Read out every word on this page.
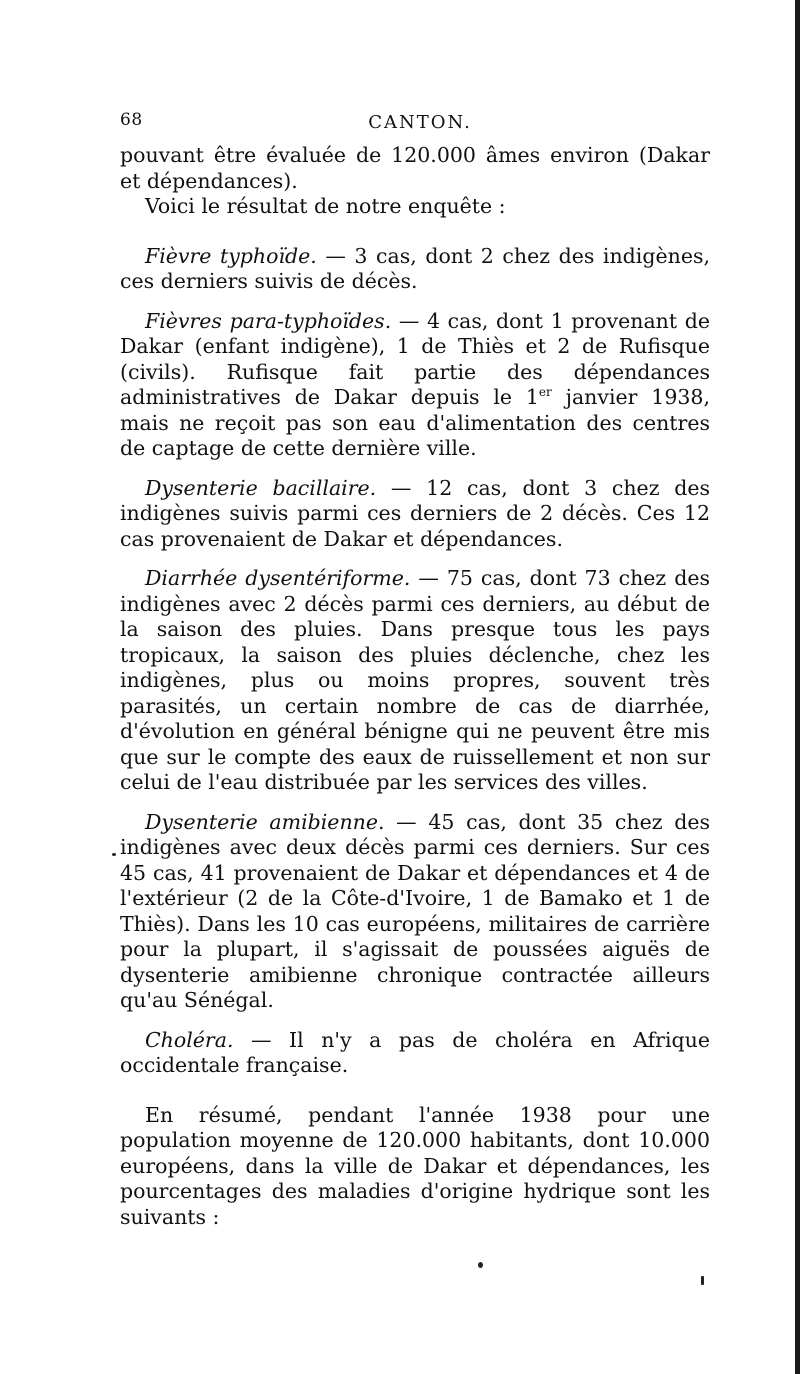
68	CANTON.

pouvant être évaluée de 120.000 âmes environ (Dakar et dépendances).

Voici le résultat de notre enquête :

Fièvre typhoïde. — 3 cas, dont 2 chez des indigènes, ces derniers suivis de décès.

Fièvres para-typhoïdes. — 4 cas, dont 1 provenant de Dakar (enfant indigène), 1 de Thiès et 2 de Rufisque (civils). Rufisque fait partie des dépendances administratives de Dakar depuis le 1er janvier 1938, mais ne reçoit pas son eau d'alimentation des centres de captage de cette dernière ville.

Dysenterie bacillaire. — 12 cas, dont 3 chez des indigènes suivis parmi ces derniers de 2 décès. Ces 12 cas provenaient de Dakar et dépendances.

Diarrhée dysentériforme. — 75 cas, dont 73 chez des indigènes avec 2 décès parmi ces derniers, au début de la saison des pluies. Dans presque tous les pays tropicaux, la saison des pluies déclenche, chez les indigènes, plus ou moins propres, souvent très parasités, un certain nombre de cas de diarrhée, d'évolution en général bénigne qui ne peuvent être mis que sur le compte des eaux de ruissellement et non sur celui de l'eau distribuée par les services des villes.

Dysenterie amibienne. — 45 cas, dont 35 chez des indigènes avec deux décès parmi ces derniers. Sur ces 45 cas, 41 provenaient de Dakar et dépendances et 4 de l'extérieur (2 de la Côte-d'Ivoire, 1 de Bamako et 1 de Thiès). Dans les 10 cas européens, militaires de carrière pour la plupart, il s'agissait de poussées aiguës de dysenterie amibienne chronique contractée ailleurs qu'au Sénégal.

Choléra. — Il n'y a pas de choléra en Afrique occidentale française.

En résumé, pendant l'année 1938 pour une population moyenne de 120.000 habitants, dont 10.000 européens, dans la ville de Dakar et dépendances, les pourcentages des maladies d'origine hydrique sont les suivants :
